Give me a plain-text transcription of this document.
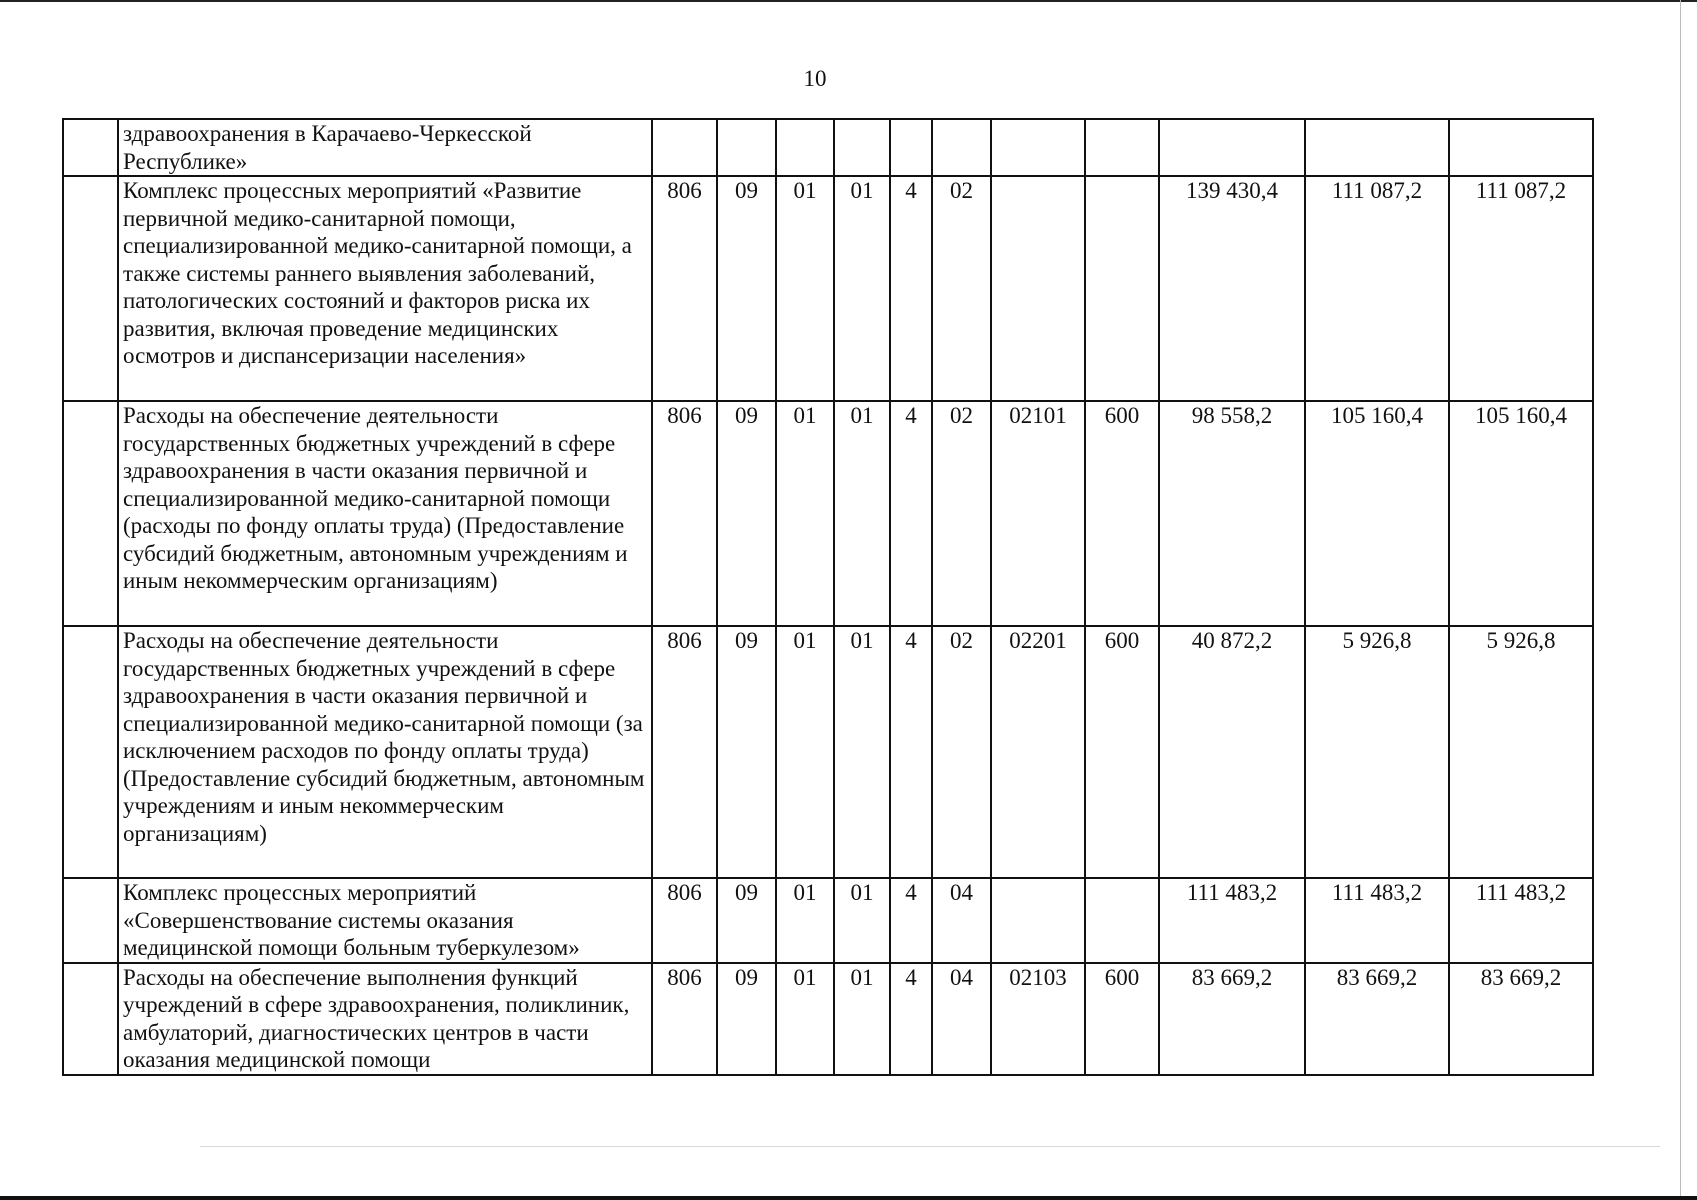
10
	здравоохранения в Карачаево-Черкесской Республике»											
	Комплекс процессных мероприятий «Развитие первичной медико-санитарной помощи, специализированной медико-санитарной помощи, а также системы раннего выявления заболеваний, патологических состояний и факторов риска их развития, включая проведение медицинских осмотров и диспансеризации населения»	806	09	01	01	4	02			139 430,4	111 087,2	111 087,2
	Расходы на обеспечение деятельности государственных бюджетных учреждений в сфере здравоохранения в части оказания первичной и специализированной медико-санитарной помощи (расходы по фонду оплаты труда) (Предоставление субсидий бюджетным, автономным учреждениям и иным некоммерческим организациям)	806	09	01	01	4	02	02101	600	98 558,2	105 160,4	105 160,4
	Расходы на обеспечение деятельности государственных бюджетных учреждений в сфере здравоохранения в части оказания первичной и специализированной медико-санитарной помощи (за исключением расходов по фонду оплаты труда) (Предоставление субсидий бюджетным, автономным учреждениям и иным некоммерческим организациям)	806	09	01	01	4	02	02201	600	40 872,2	5 926,8	5 926,8
	Комплекс процессных мероприятий «Совершенствование системы оказания медицинской помощи больным туберкулезом»	806	09	01	01	4	04			111 483,2	111 483,2	111 483,2
	Расходы на обеспечение выполнения функций учреждений в сфере здравоохранения, поликлиник, амбулаторий, диагностических центров в части оказания медицинской помощи	806	09	01	01	4	04	02103	600	83 669,2	83 669,2	83 669,2
